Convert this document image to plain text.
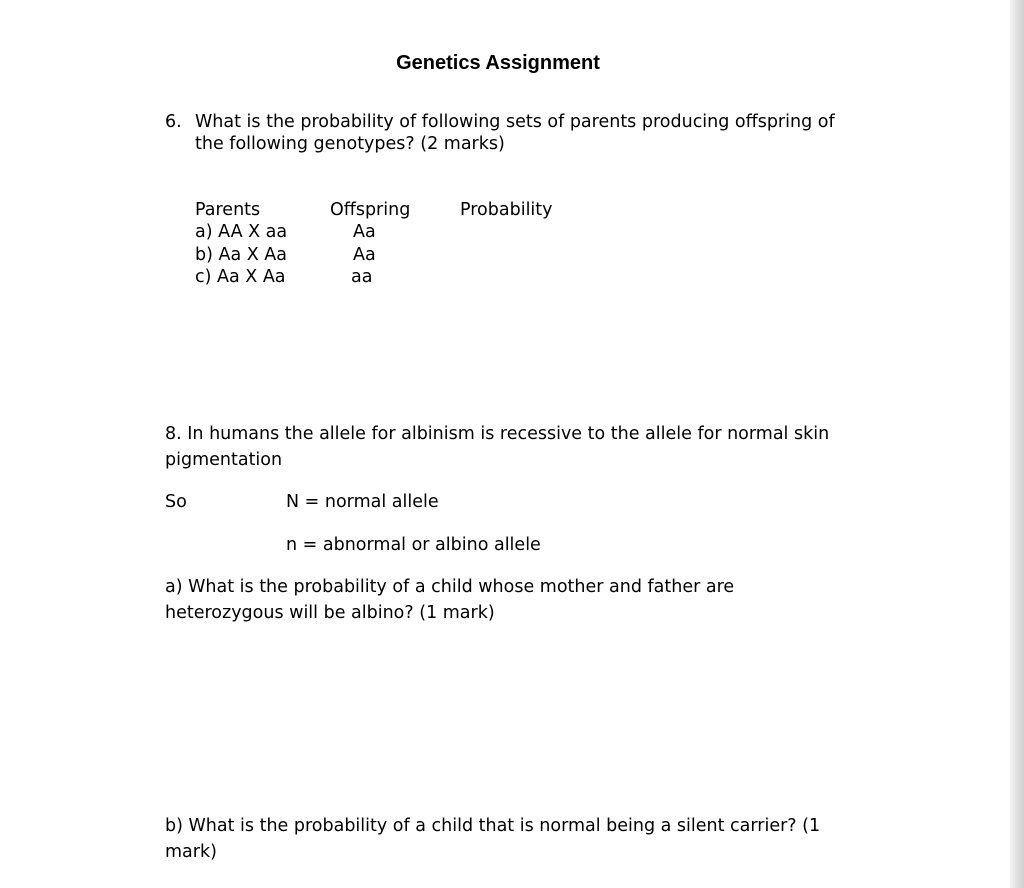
Genetics Assignment
6. What is the probability of following sets of parents producing offspring of
the following genotypes? (2 marks)
Parents	Offspring	Probability
a) AA X aa	Aa
b) Aa X Aa	Aa
c) Aa X Aa	aa
8. In humans the allele for albinism is recessive to the allele for normal skin
pigmentation
So	N = normal allele
n = abnormal or albino allele
a) What is the probability of a child whose mother and father are
heterozygous will be albino? (1 mark)
b) What is the probability of a child that is normal being a silent carrier? (1
mark)
